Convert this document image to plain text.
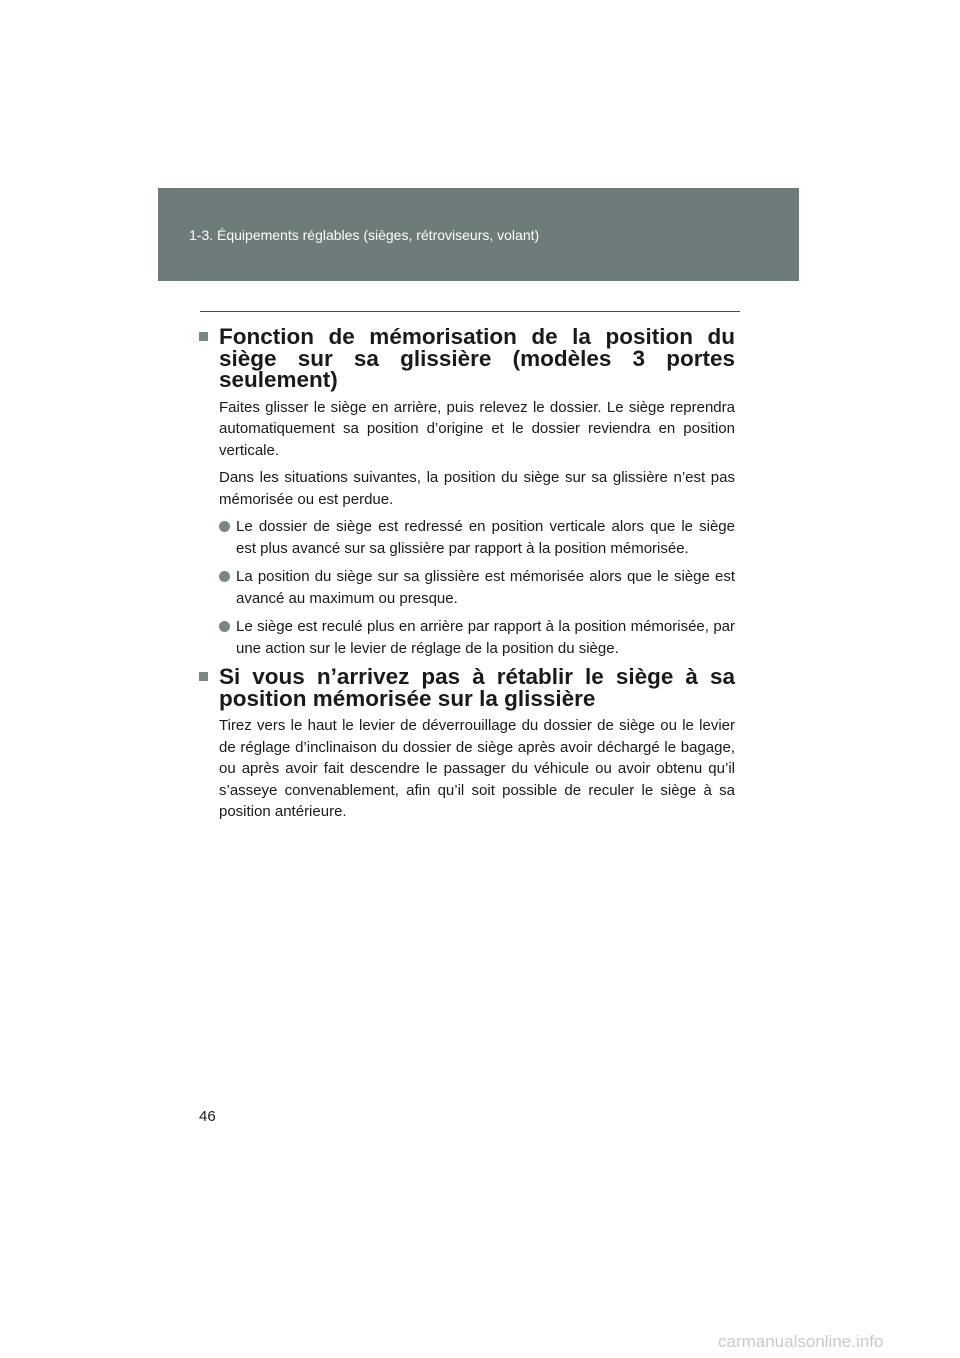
1-3. Équipements réglables (sièges, rétroviseurs, volant)
Fonction de mémorisation de la position du siège sur sa glissière (modèles 3 portes seulement)

Faites glisser le siège en arrière, puis relevez le dossier. Le siège reprendra automatiquement sa position d’origine et le dossier reviendra en position verticale.

Dans les situations suivantes, la position du siège sur sa glissière n’est pas mémorisée ou est perdue.

Le dossier de siège est redressé en position verticale alors que le siège est plus avancé sur sa glissière par rapport à la position mémorisée.
La position du siège sur sa glissière est mémorisée alors que le siège est avancé au maximum ou presque.
Le siège est reculé plus en arrière par rapport à la position mémorisée, par une action sur le levier de réglage de la position du siège.
Si vous n’arrivez pas à rétablir le siège à sa position mémorisée sur la glissière

Tirez vers le haut le levier de déverrouillage du dossier de siège ou le levier de réglage d’inclinaison du dossier de siège après avoir déchargé le bagage, ou après avoir fait descendre le passager du véhicule ou avoir obtenu qu’il s’asseye convenablement, afin qu’il soit possible de reculer le siège à sa position antérieure.

46
carmanualsonline.info
